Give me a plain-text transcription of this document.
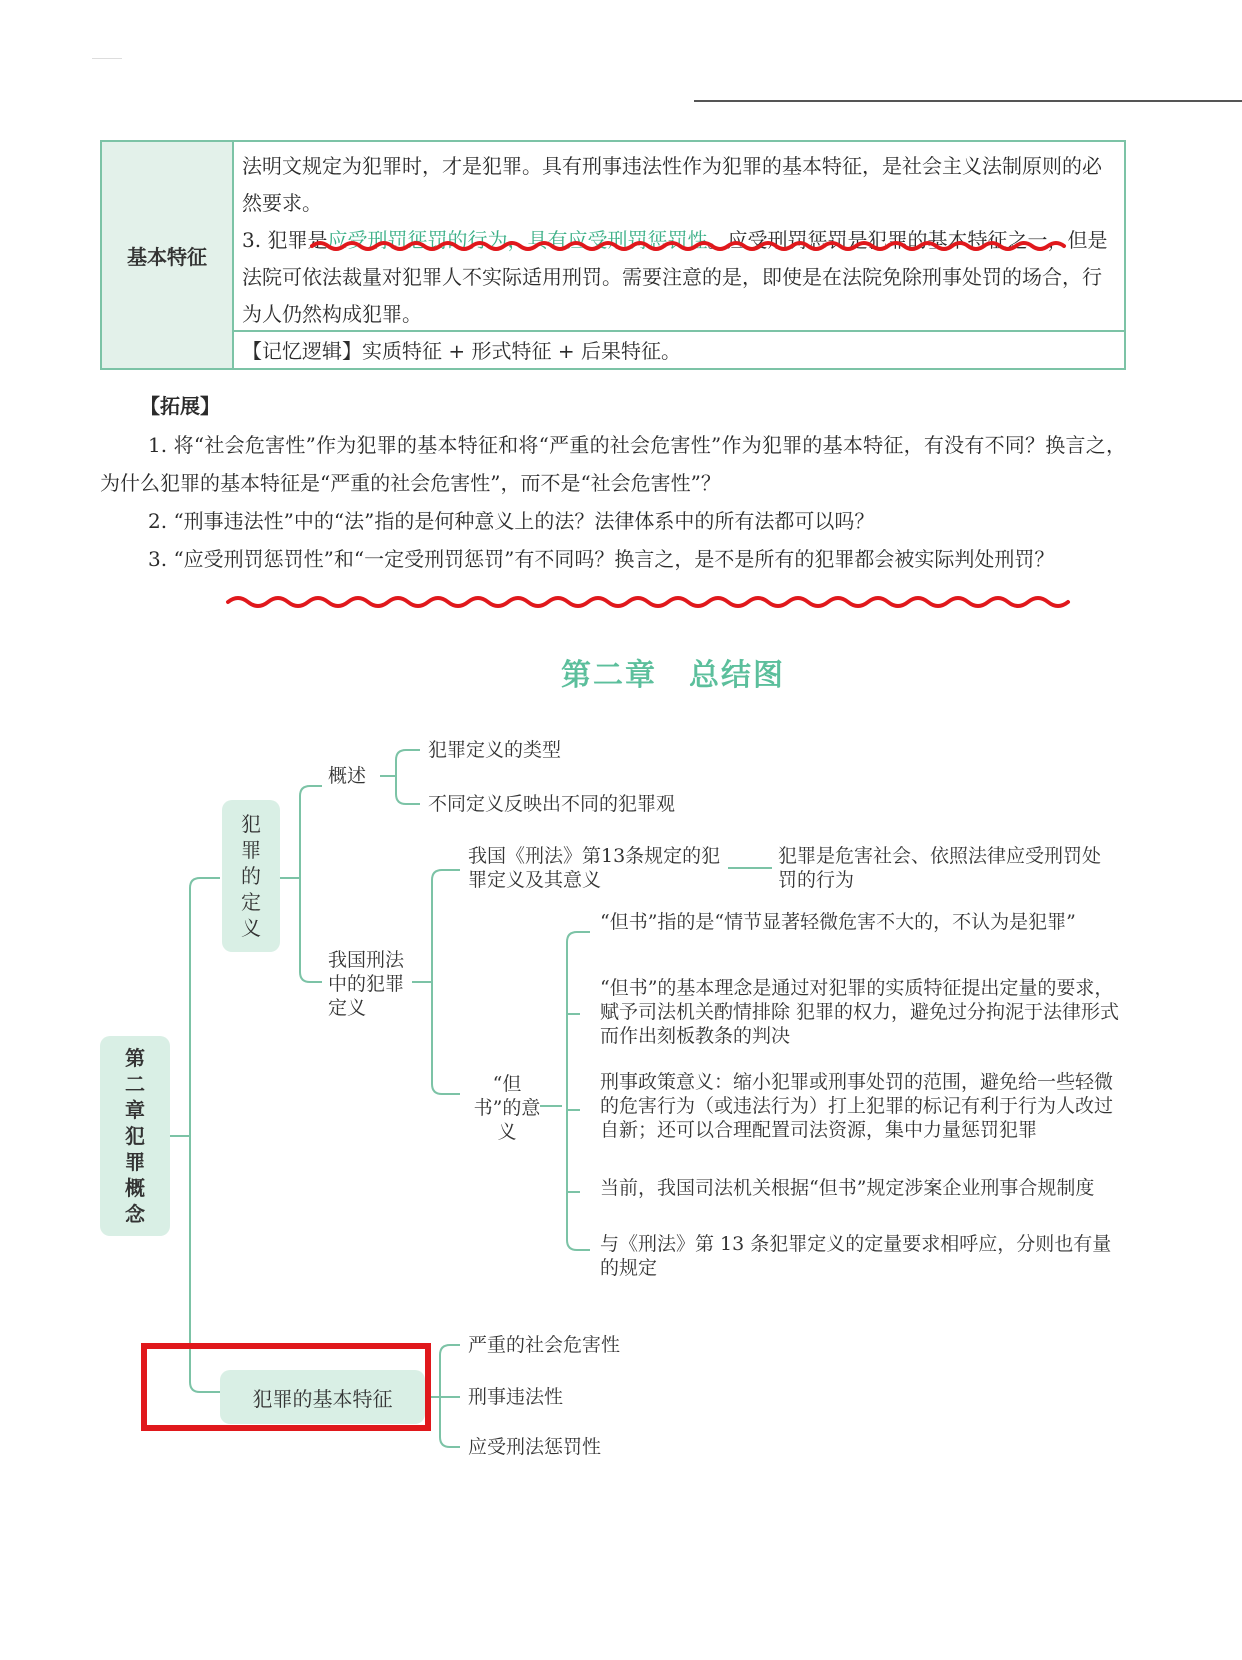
基本特征
法明文规定为犯罪时，才是犯罪。具有刑事违法性作为犯罪的基本特征，是社会主义法制原则的必然要求。
3. 犯罪是应受刑罚惩罚的行为，具有应受刑罚惩罚性。应受刑罚惩罚是犯罪的基本特征之一，但是法院可依法裁量对犯罪人不实际适用刑罚。需要注意的是，即使是在法院免除刑事处罚的场合，行为人仍然构成犯罪。
【记忆逻辑】实质特征 + 形式特征 + 后果特征。
【拓展】
1. 将“社会危害性”作为犯罪的基本特征和将“严重的社会危害性”作为犯罪的基本特征，有没有不同？换言之，为什么犯罪的基本特征是“严重的社会危害性”，而不是“社会危害性”？
2. “刑事违法性”中的“法”指的是何种意义上的法？法律体系中的所有法都可以吗？
3. “应受刑罚惩罚性”和“一定受刑罚惩罚”有不同吗？换言之，是不是所有的犯罪都会被实际判处刑罚？
第二章　总结图
第二章　犯罪概念
犯罪的定义
概述
犯罪定义的类型
不同定义反映出不同的犯罪观
我国刑法中的犯罪定义
我国《刑法》第13条规定的犯罪定义及其意义
犯罪是危害社会、依照法律应受刑罚处罚的行为
“但书”的意义
“但书”指的是“情节显著轻微危害不大的，不认为是犯罪”
“但书”的基本理念是通过对犯罪的实质特征提出定量的要求，赋予司法机关酌情排除 犯罪的权力，避免过分拘泥于法律形式而作出刻板教条的判决
刑事政策意义：缩小犯罪或刑事处罚的范围，避免给一些轻微的危害行为（或违法行为）打上犯罪的标记有利于行为人改过自新；还可以合理配置司法资源，集中力量惩罚犯罪
当前，我国司法机关根据“但书”规定涉案企业刑事合规制度
与《刑法》第 13 条犯罪定义的定量要求相呼应，分则也有量的规定
犯罪的基本特征
严重的社会危害性
刑事违法性
应受刑法惩罚性
